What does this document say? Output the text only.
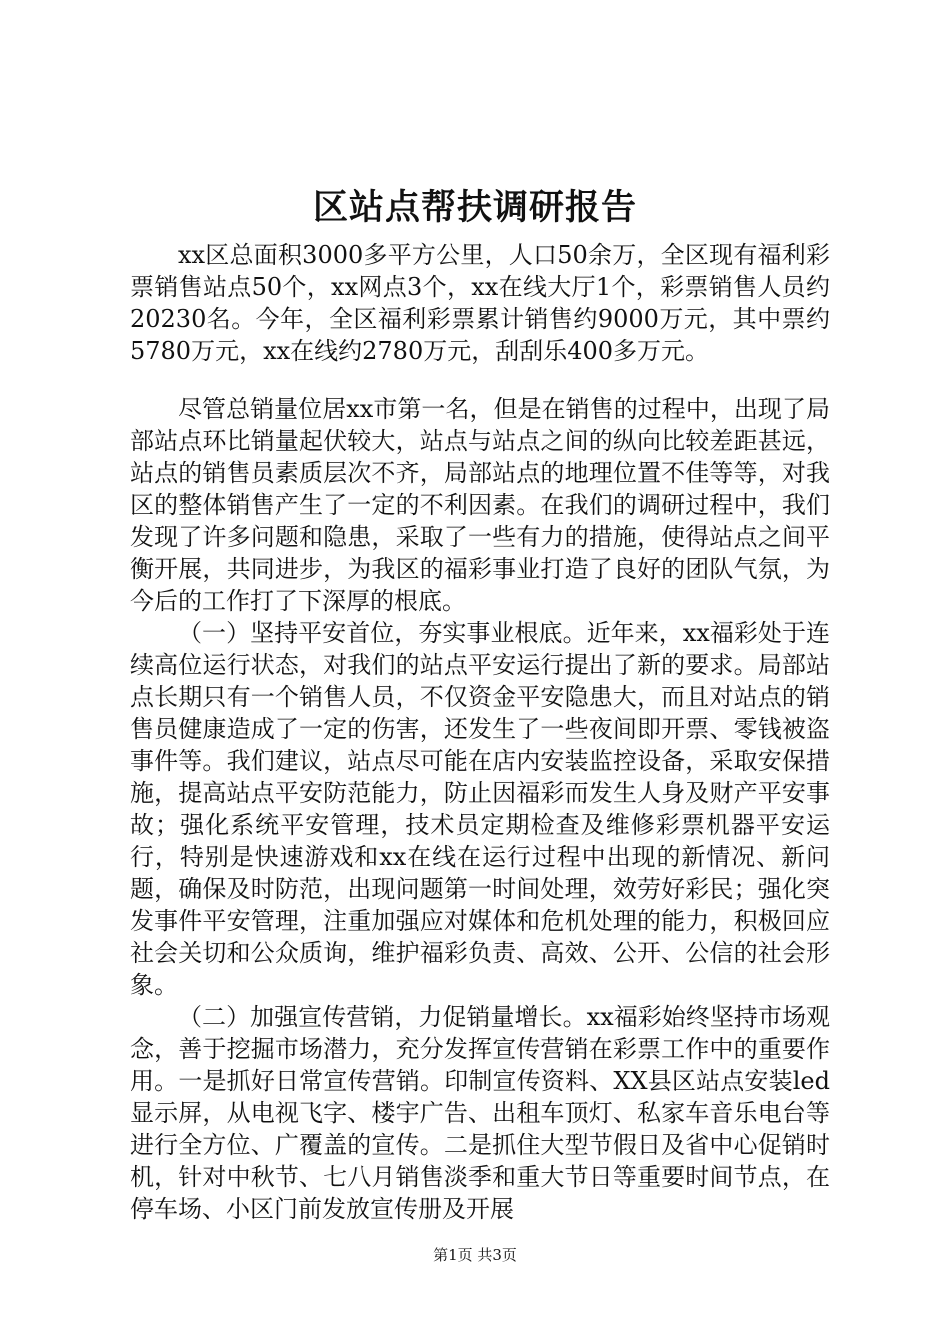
区站点帮扶调研报告

xx区总面积3000多平方公里，人口50余万，全区现有福利彩票销售站点50个，xx网点3个，xx在线大厅1个，彩票销售人员约20230名。今年，全区福利彩票累计销售约9000万元，其中票约5780万元，xx在线约2780万元，刮刮乐400多万元。

尽管总销量位居xx市第一名，但是在销售的过程中，出现了局部站点环比销量起伏较大，站点与站点之间的纵向比较差距甚远，站点的销售员素质层次不齐，局部站点的地理位置不佳等等，对我区的整体销售产生了一定的不利因素。在我们的调研过程中，我们发现了许多问题和隐患，采取了一些有力的措施，使得站点之间平衡开展，共同进步，为我区的福彩事业打造了良好的团队气氛，为今后的工作打了下深厚的根底。

（一）坚持平安首位，夯实事业根底。近年来，xx福彩处于连续高位运行状态，对我们的站点平安运行提出了新的要求。局部站点长期只有一个销售人员，不仅资金平安隐患大，而且对站点的销售员健康造成了一定的伤害，还发生了一些夜间即开票、零钱被盗事件等。我们建议，站点尽可能在店内安装监控设备，采取安保措施，提高站点平安防范能力，防止因福彩而发生人身及财产平安事故；强化系统平安管理，技术员定期检查及维修彩票机器平安运行，特别是快速游戏和xx在线在运行过程中出现的新情况、新问题，确保及时防范，出现问题第一时间处理，效劳好彩民；强化突发事件平安管理，注重加强应对媒体和危机处理的能力，积极回应社会关切和公众质询，维护福彩负责、高效、公开、公信的社会形象。

（二）加强宣传营销，力促销量增长。xx福彩始终坚持市场观念，善于挖掘市场潜力，充分发挥宣传营销在彩票工作中的重要作用。一是抓好日常宣传营销。印制宣传资料、XX县区站点安装led显示屏，从电视飞字、楼宇广告、出租车顶灯、私家车音乐电台等进行全方位、广覆盖的宣传。二是抓住大型节假日及省中心促销时机，针对中秋节、七八月销售淡季和重大节日等重要时间节点，在停车场、小区门前发放宣传册及开展

第1页 共3页
